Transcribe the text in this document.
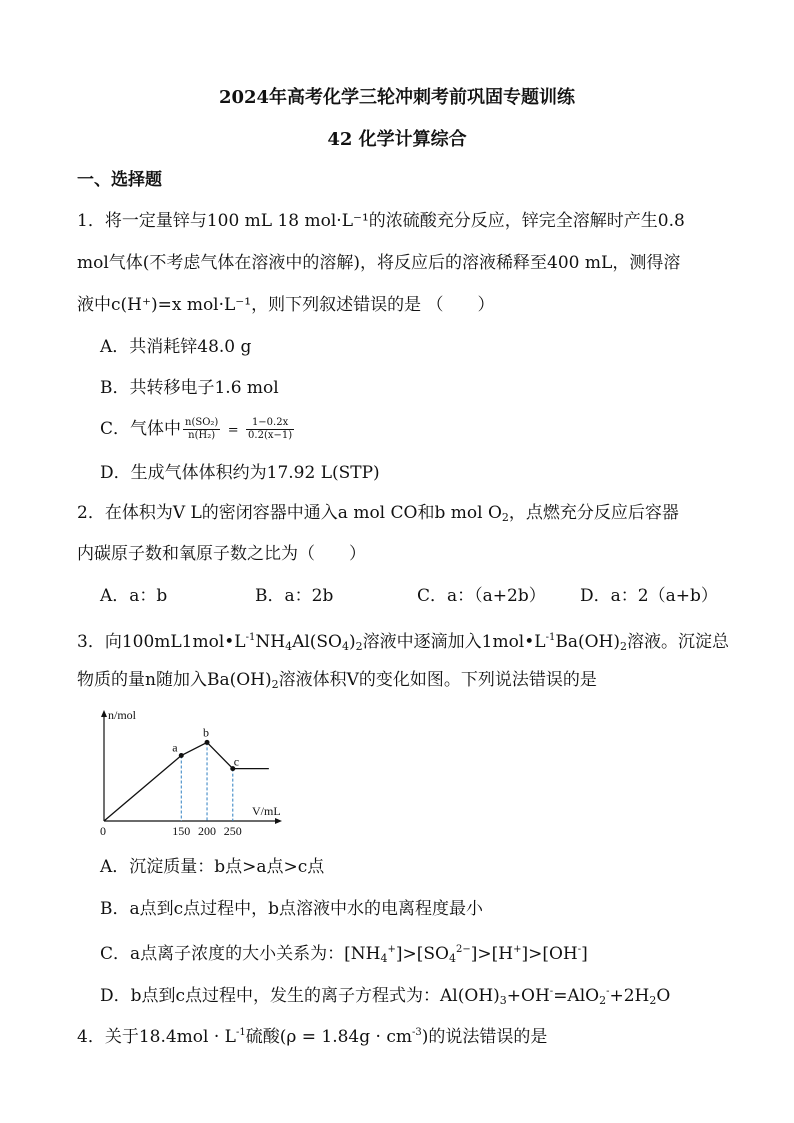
2024年高考化学三轮冲刺考前巩固专题训练
42 化学计算综合
一、选择题
1．将一定量锌与100 mL 18 mol·L⁻¹的浓硫酸充分反应，锌完全溶解时产生0.8
mol气体(不考虑气体在溶液中的溶解)，将反应后的溶液稀释至400 mL，测得溶
液中c(H⁺)=x mol·L⁻¹，则下列叙述错误的是 （　　）
A．共消耗锌48.0 g
B．共转移电子1.6 mol
C．气体中 $\frac{\text{n(SO₂)}}{\text{n(H₂)}} = \frac{1-0.2x}{0.2(x-1)}$
D．生成气体体积约为17.92 L(STP)
2．在体积为V L的密闭容器中通入a mol CO和b mol $O_2$，点燃充分反应后容器
内碳原子数和氧原子数之比为（　　）
A．a：b	B．a：2b	C．a：（a+2b） D．a：2（a+b）
3．向$100mL1mol•L^{-1}NH_4Al(SO_4)_2$溶液中逐滴加入$1mol•L^{-1}Ba(OH)_2$溶液。沉淀总
物质的量n随加入$Ba(OH)_2$溶液体积V的变化如图。下列说法错误的是
n/mol
V/mL
a
b
c
0	150 200 250
A．沉淀质量：b点>a点>c点
B．a点到c点过程中，b点溶液中水的电离程度最小
C．a点离子浓度的大小关系为：$[NH_4^+]>[SO_4^{2-}]>[H^+]>[OH^-]$
D．b点到c点过程中，发生的离子方程式为：$Al(OH)_3+OH^-=AlO_2^-+2H_2O$
4．关于$18.4mol \cdot L^{-1}$硫酸$(\rho = 1.84g \cdot cm^{-3})$的说法错误的是
